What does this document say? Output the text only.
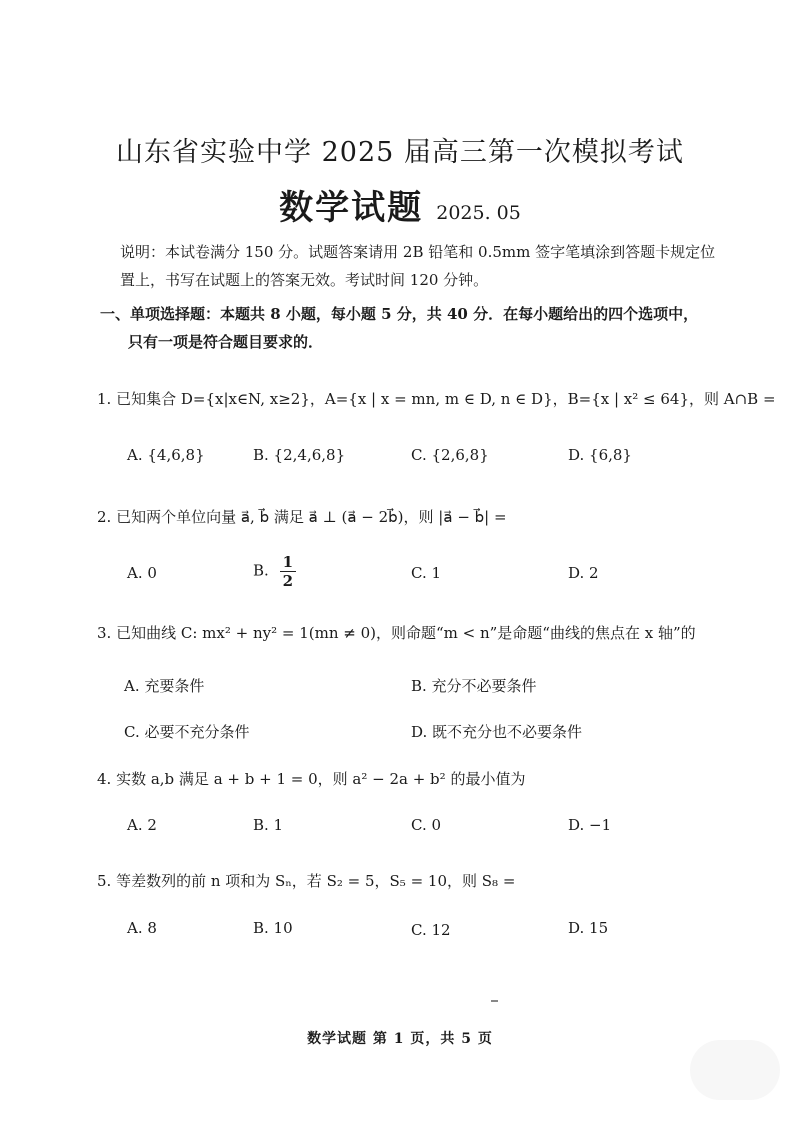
山东省实验中学 2025 届高三第一次模拟考试
数学试题 2025. 05
说明：本试卷满分 150 分。试题答案请用 2B 铅笔和 0.5mm 签字笔填涂到答题卡规定位置上，书写在试题上的答案无效。考试时间 120 分钟。
一、单项选择题：本题共 8 小题，每小题 5 分，共 40 分．在每小题给出的四个选项中，
只有一项是符合题目要求的．
1. 已知集合 D={x|x∈N, x≥2}，A={x | x = mn, m ∈ D, n ∈ D}，B={x | x² ≤ 64}，则 A∩B =
A. {4,6,8}	B. {2,4,6,8}	C. {2,6,8}	D. {6,8}
2. 已知两个单位向量 a⃗, b⃗ 满足 a⃗ ⊥ (a⃗ − 2b⃗)，则 |a⃗ − b⃗| =
A. 0	B. $\frac{1}{2}$	C. 1	D. 2
3. 已知曲线 C: mx² + ny² = 1(mn ≠ 0)，则命题“m < n”是命题“曲线的焦点在 x 轴”的
A. 充要条件	B. 充分不必要条件
C. 必要不充分条件	D. 既不充分也不必要条件
4. 实数 a,b 满足 a + b + 1 = 0，则 a² − 2a + b² 的最小值为
A. 2	B. 1	C. 0	D. −1
5. 等差数列的前 n 项和为 Sₙ，若 S₂ = 5，S₅ = 10，则 S₈ =
A. 8	B. 10	C. 12	D. 15
数学试题 第 1 页，共 5 页
